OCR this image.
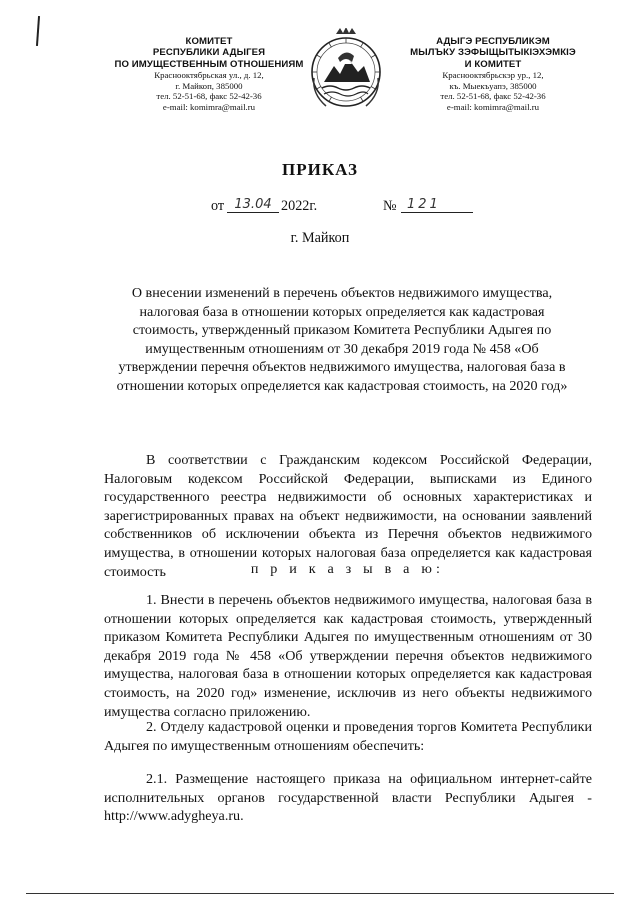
КОМИТЕТ
РЕСПУБЛИКИ АДЫГЕЯ
ПО ИМУЩЕСТВЕННЫМ ОТНОШЕНИЯМ
Краснооктябрьская ул., д. 12,
г. Майкоп, 385000
тел. 52-51-68, факс 52-42-36
e-mail: komimra@mail.ru
АДЫГЭ РЕСПУБЛИКЭМ
МЫЛЪКУ ЗЭФЫЩЫТЫКIЭХЭМКIЭ
И КОМИТЕТ
Краснооктябрьскэр ур., 12,
къ. Мыекъуапэ, 385000
тел. 52-51-68, факс 52-42-36
e-mail: komimra@mail.ru
ПРИКАЗ
от 13.04 2022г.	№ 121
г. Майкоп
О внесении изменений в перечень объектов недвижимого имущества, налоговая база в отношении которых определяется как кадастровая стоимость, утвержденный приказом Комитета Республики Адыгея по имущественным отношениям от 30 декабря 2019 года № 458 «Об утверждении перечня объектов недвижимого имущества, налоговая база в отношении которых определяется как кадастровая стоимость, на 2020 год»
В соответствии с Гражданским кодексом Российской Федерации, Налоговым кодексом Российской Федерации, выписками из Единого государственного реестра недвижимости об основных характеристиках и зарегистрированных правах на объект недвижимости, на основании заявлений собственников об исключении объекта из Перечня объектов недвижимого имущества, в отношении которых налоговая база определяется как кадастровая стоимость	п р и к а з ы в а ю:
1. Внести в перечень объектов недвижимого имущества, налоговая база в отношении которых определяется как кадастровая стоимость, утвержденный приказом Комитета Республики Адыгея по имущественным отношениям от 30 декабря 2019 года № 458 «Об утверждении перечня объектов недвижимого имущества, налоговая база в отношении которых определяется как кадастровая стоимость, на 2020 год» изменение, исключив из него объекты недвижимого имущества согласно приложению.
2. Отделу кадастровой оценки и проведения торгов Комитета Республики Адыгея по имущественным отношениям обеспечить:
2.1. Размещение настоящего приказа на официальном интернет-сайте исполнительных органов государственной власти Республики Адыгея - http://www.adygheya.ru.
